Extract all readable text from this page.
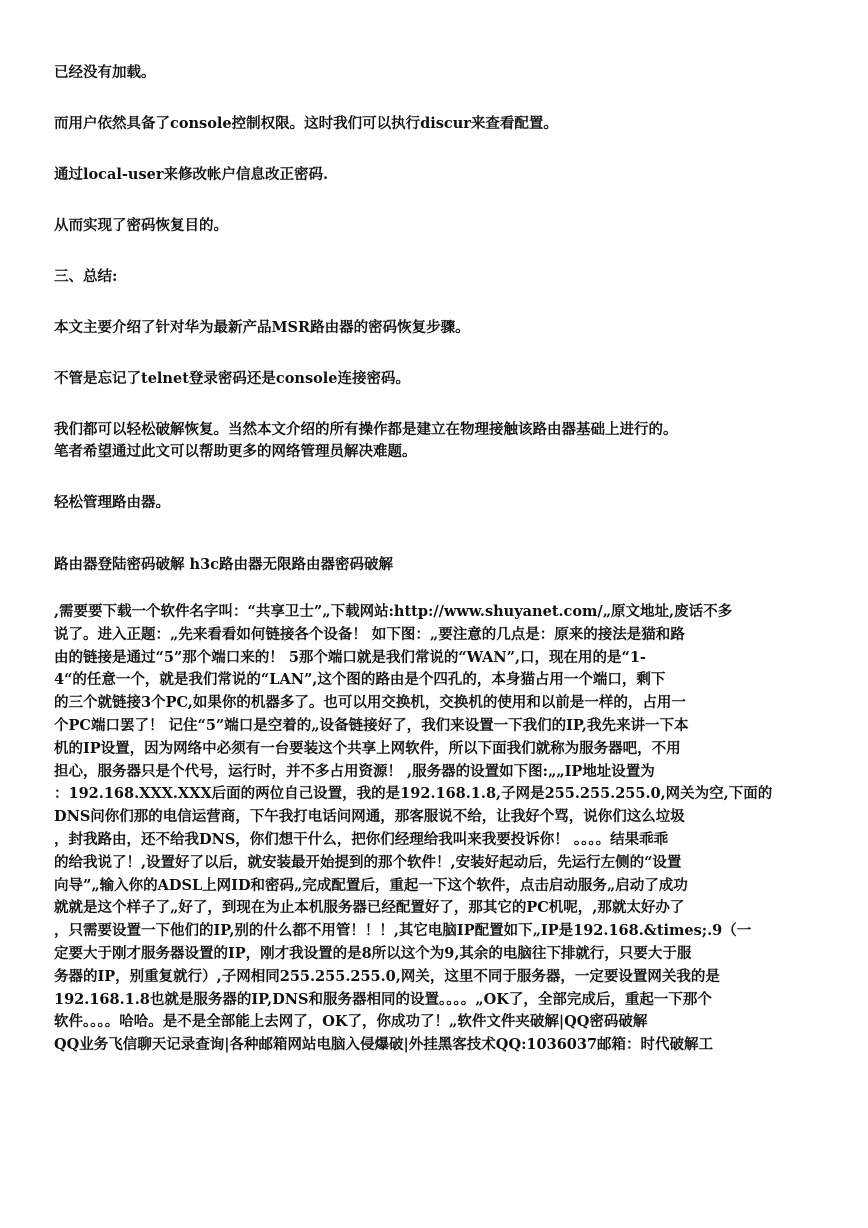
已经没有加载。

而用户依然具备了console控制权限。这时我们可以执行discur来查看配置。

通过local-user来修改帐户信息改正密码.

从而实现了密码恢复目的。

三、总结:

本文主要介绍了针对华为最新产品MSR路由器的密码恢复步骤。

不管是忘记了telnet登录密码还是console连接密码。

我们都可以轻松破解恢复。当然本文介绍的所有操作都是建立在物理接触该路由器基础上进行的。

笔者希望通过此文可以帮助更多的网络管理员解决难题。

轻松管理路由器。

路由器登陆密码破解 h3c路由器无限路由器密码破解

,需要要下载一个软件名字叫：“共享卫士”„下载网站:http://www.shuyanet.com/„原文地址,废话不多

说了。进入正题：„先来看看如何链接各个设备！ 如下图：„要注意的几点是：原来的接法是猫和路

由的链接是通过“5”那个端口来的！ 5那个端口就是我们常说的“WAN”,口，现在用的是“1-

4“的任意一个，就是我们常说的“LAN”,这个图的路由是个四孔的，本身猫占用一个端口，剩下

的三个就链接3个PC,如果你的机器多了。也可以用交换机，交换机的使用和以前是一样的，占用一

个PC端口罢了！ 记住“5”端口是空着的„设备链接好了，我们来设置一下我们的IP,我先来讲一下本

机的IP设置，因为网络中必须有一台要装这个共享上网软件，所以下面我们就称为服务器吧，不用

担心，服务器只是个代号，运行时，并不多占用资源！ ,服务器的设置如下图:„„IP地址设置为

：192.168.XXX.XXX后面的两位自己设置，我的是192.168.1.8,子网是255.255.255.0,网关为空,下面的

DNS问你们那的电信运营商，下午我打电话问网通，那客服说不给，让我好个骂，说你们这么垃圾

，封我路由，还不给我DNS，你们想干什么，把你们经理给我叫来我要投诉你！ 。。。。结果乖乖

的给我说了！,设置好了以后，就安装最开始提到的那个软件！,安装好起动后，先运行左侧的“设置

向导”„输入你的ADSL上网ID和密码„完成配置后，重起一下这个软件，点击启动服务„启动了成功

就就是这个样子了„好了，到现在为止本机服务器已经配置好了，那其它的PC机呢，,那就太好办了

，只需要设置一下他们的IP,别的什么都不用管！！！,其它电脑IP配置如下„IP是192.168.&times;.9（一

定要大于刚才服务器设置的IP，刚才我设置的是8所以这个为9,其余的电脑往下排就行，只要大于服

务器的IP，别重复就行）,子网相同255.255.255.0,网关，这里不同于服务器，一定要设置网关我的是

192.168.1.8也就是服务器的IP,DNS和服务器相同的设置。。。。„OK了，全部完成后，重起一下那个

软件。。。。哈哈。是不是全部能上去网了，OK了，你成功了！„软件文件夹破解|QQ密码破解

QQ业务飞信聊天记录查询|各种邮箱网站电脑入侵爆破|外挂黑客技术QQ:1036037邮箱：时代破解工
